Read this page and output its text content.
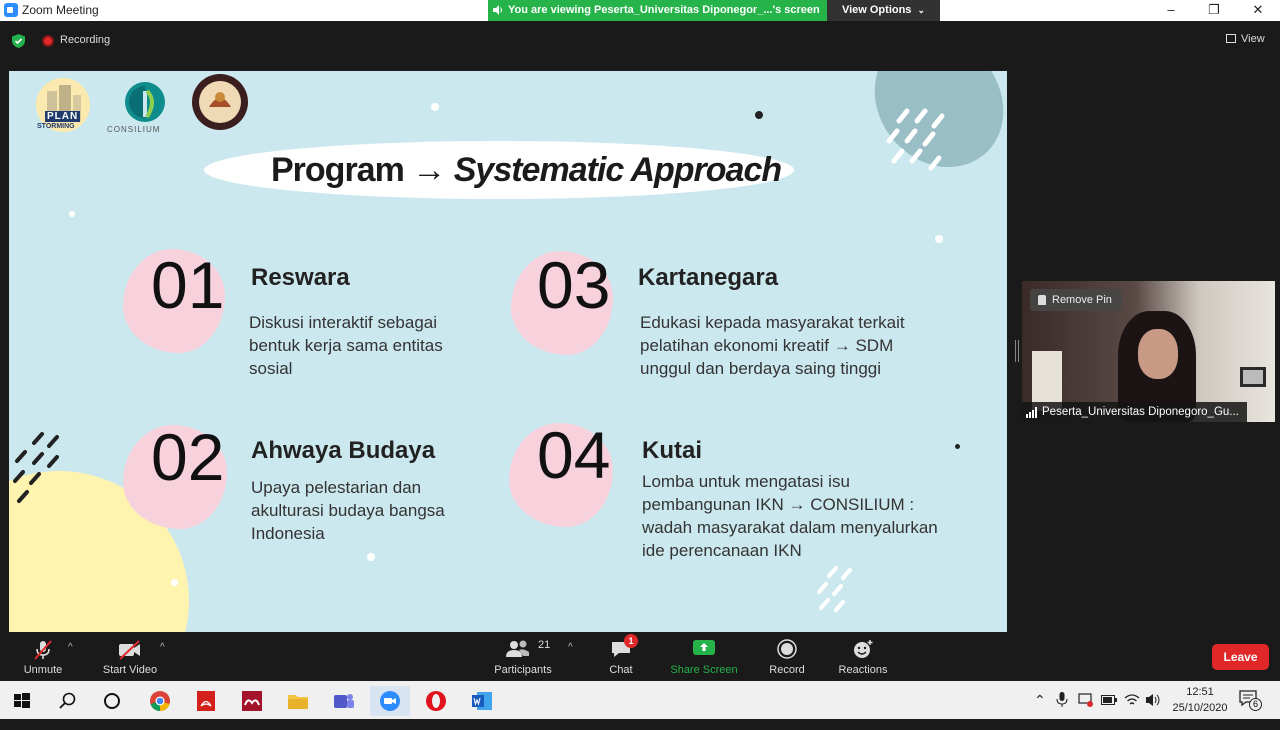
Zoom Meeting	You are viewing Peserta_Universitas Diponegor_...'s screen	View Options ⌄	–	❐	✕
Recording	View
PLAN
STORMING	CONSILIUM
Program → Systematic Approach
01 Reswara
Diskusi interaktif sebagai
bentuk kerja sama entitas
sosial
02 Ahwaya Budaya
Upaya pelestarian dan
akulturasi budaya bangsa
Indonesia
03 Kartanegara
Edukasi kepada masyarakat terkait
pelatihan ekonomi kreatif → SDM
unggul dan berdaya saing tinggi
04 Kutai
Lomba untuk mengatasi isu
pembangunan IKN → CONSILIUM :
wadah masyarakat dalam menyalurkan
ide perencanaan IKN
Remove Pin
Peserta_Universitas Diponegoro_Gu...
Unmute
^
Start Video
^	21
Participants
^
1
Chat	Share Screen	Record	Reactions
Leave
⌃	12:51
25/10/2020	6
